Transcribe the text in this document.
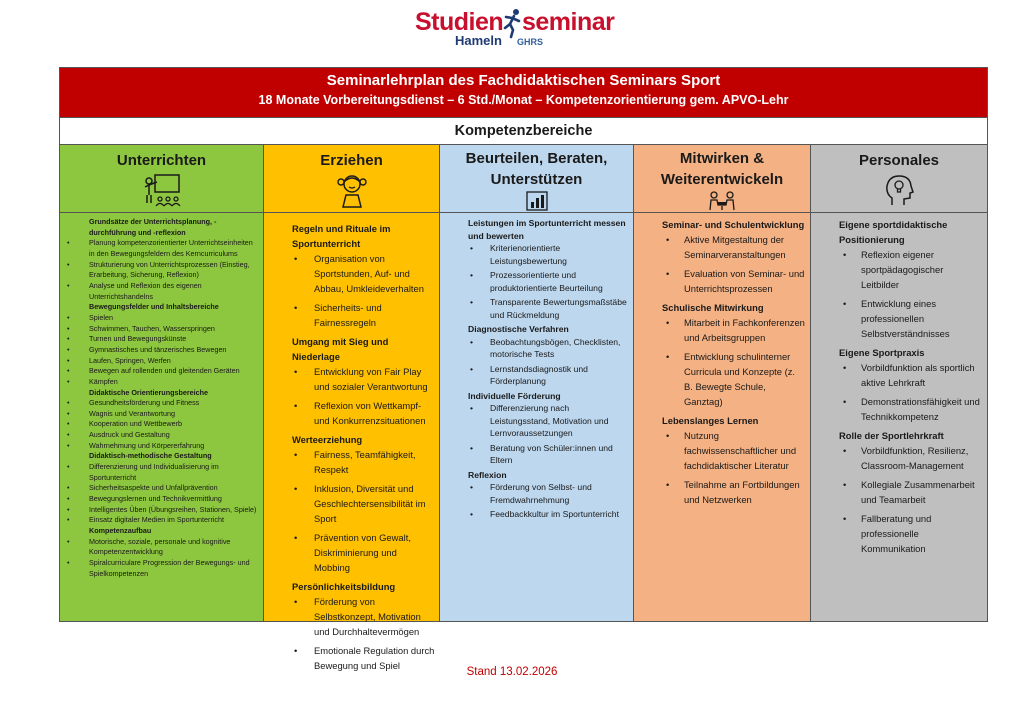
Studien seminar
Hameln GHRS
Seminarlehrplan des Fachdidaktischen Seminars Sport
18 Monate Vorbereitungsdienst – 6 Std./Monat – Kompetenzorientierung gem. APVO-Lehr
Kompetenzbereiche
Unterrichten
Grundsätze der Unterrichtsplanung, -durchführung und -reflexion
• Planung kompetenzorientierter Unterrichtseinheiten in den Bewegungsfeldern des Kerncurriculums
• Strukturierung von Unterrichtsprozessen (Einstieg, Erarbeitung, Sicherung, Reflexion)
• Analyse und Reflexion des eigenen Unterrichtshandelns
Bewegungsfelder und Inhaltsbereiche
• Spielen
• Schwimmen, Tauchen, Wasserspringen
• Turnen und Bewegungskünste
• Gymnastisches und tänzerisches Bewegen
• Laufen, Springen, Werfen
• Bewegen auf rollenden und gleitenden Geräten
• Kämpfen
Didaktische Orientierungsbereiche
• Gesundheitsförderung und Fitness
• Wagnis und Verantwortung
• Kooperation und Wettbewerb
• Ausdruck und Gestaltung
• Wahrnehmung und Körpererfahrung
Didaktisch-methodische Gestaltung
• Differenzierung und Individualisierung im Sportunterricht
• Sicherheitsaspekte und Unfallprävention
• Bewegungslernen und Technikvermittlung
• Intelligentes Üben (Übungsreihen, Stationen, Spiele)
• Einsatz digitaler Medien im Sportunterricht
Kompetenzaufbau
• Motorische, soziale, personale und kognitive Kompetenzentwicklung
• Spiralcurriculare Progression der Bewegungs- und Spielkompetenzen
Erziehen
Regeln und Rituale im Sportunterricht
• Organisation von Sportstunden, Auf- und Abbau, Umkleideverhalten
• Sicherheits- und Fairnessregeln
Umgang mit Sieg und Niederlage
• Entwicklung von Fair Play und sozialer Verantwortung
• Reflexion von Wettkampf- und Konkurrenzsituationen
Werteerziehung
• Fairness, Teamfähigkeit, Respekt
• Inklusion, Diversität und Geschlechtersensibilität im Sport
• Prävention von Gewalt, Diskriminierung und Mobbing
Persönlichkeitsbildung
• Förderung von Selbstkonzept, Motivation und Durchhaltevermögen
• Emotionale Regulation durch Bewegung und Spiel
Beurteilen, Beraten, Unterstützen
Leistungen im Sportunterricht messen und bewerten
• Kriterienorientierte Leistungsbewertung
• Prozessorientierte und produktorientierte Beurteilung
• Transparente Bewertungsmaßstäbe und Rückmeldung
Diagnostische Verfahren
• Beobachtungsbögen, Checklisten, motorische Tests
• Lernstandsdiagnostik und Förderplanung
Individuelle Förderung
• Differenzierung nach Leistungsstand, Motivation und Lernvoraussetzungen
• Beratung von Schüler:innen und Eltern
Reflexion
• Förderung von Selbst- und Fremdwahrnehmung
• Feedbackkultur im Sportunterricht
Mitwirken & Weiterentwickeln
Seminar- und Schulentwicklung
• Aktive Mitgestaltung der Seminarveranstaltungen
• Evaluation von Seminar- und Unterrichtsprozessen
Schulische Mitwirkung
• Mitarbeit in Fachkonferenzen und Arbeitsgruppen
• Entwicklung schulinterner Curricula und Konzepte (z. B. Bewegte Schule, Ganztag)
Lebenslanges Lernen
• Nutzung fachwissenschaftlicher und fachdidaktischer Literatur
• Teilnahme an Fortbildungen und Netzwerken
Personales
Eigene sportdidaktische Positionierung
• Reflexion eigener sportpädagogischer Leitbilder
• Entwicklung eines professionellen Selbstverständnisses
Eigene Sportpraxis
• Vorbildfunktion als sportlich aktive Lehrkraft
• Demonstrationsfähigkeit und Technikkompetenz
Rolle der Sportlehrkraft
• Vorbildfunktion, Resilienz, Classroom-Management
• Kollegiale Zusammenarbeit und Teamarbeit
• Fallberatung und professionelle Kommunikation
Stand 13.02.2026
